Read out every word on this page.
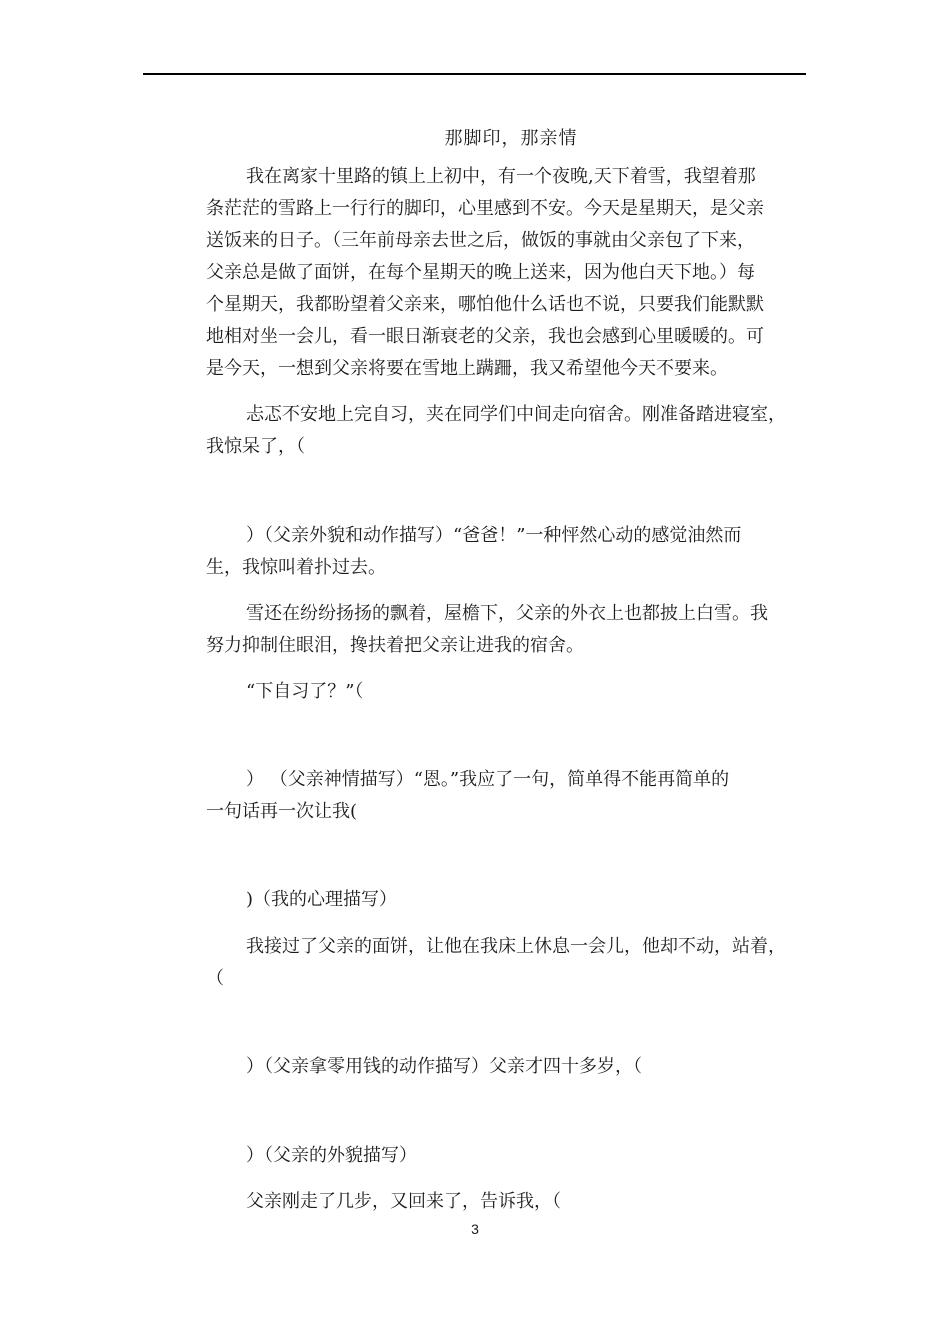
那脚印，那亲情
我在离家十里路的镇上上初中，有一个夜晚,天下着雪，我望着那
条茫茫的雪路上一行行的脚印，心里感到不安。今天是星期天，是父亲
送饭来的日子。（三年前母亲去世之后，做饭的事就由父亲包了下来，
父亲总是做了面饼，在每个星期天的晚上送来，因为他白天下地。）每
个星期天，我都盼望着父亲来，哪怕他什么话也不说，只要我们能默默
地相对坐一会儿，看一眼日渐衰老的父亲，我也会感到心里暖暖的。可
是今天，一想到父亲将要在雪地上蹒跚，我又希望他今天不要来。
忐忑不安地上完自习，夹在同学们中间走向宿舍。刚准备踏进寝室，
我惊呆了，（
）（父亲外貌和动作描写）“爸爸！”一种怦然心动的感觉油然而
生，我惊叫着扑过去。
雪还在纷纷扬扬的飘着，屋檐下，父亲的外衣上也都披上白雪。我
努力抑制住眼泪，搀扶着把父亲让进我的宿舍。
“下自习了？”（
） （父亲神情描写）“恩。”我应了一句，简单得不能再简单的
一句话再一次让我(
)（我的心理描写）
我接过了父亲的面饼，让他在我床上休息一会儿，他却不动，站着，
（
）（父亲拿零用钱的动作描写）父亲才四十多岁，（
）（父亲的外貌描写）
父亲刚走了几步，又回来了，告诉我，（
3
